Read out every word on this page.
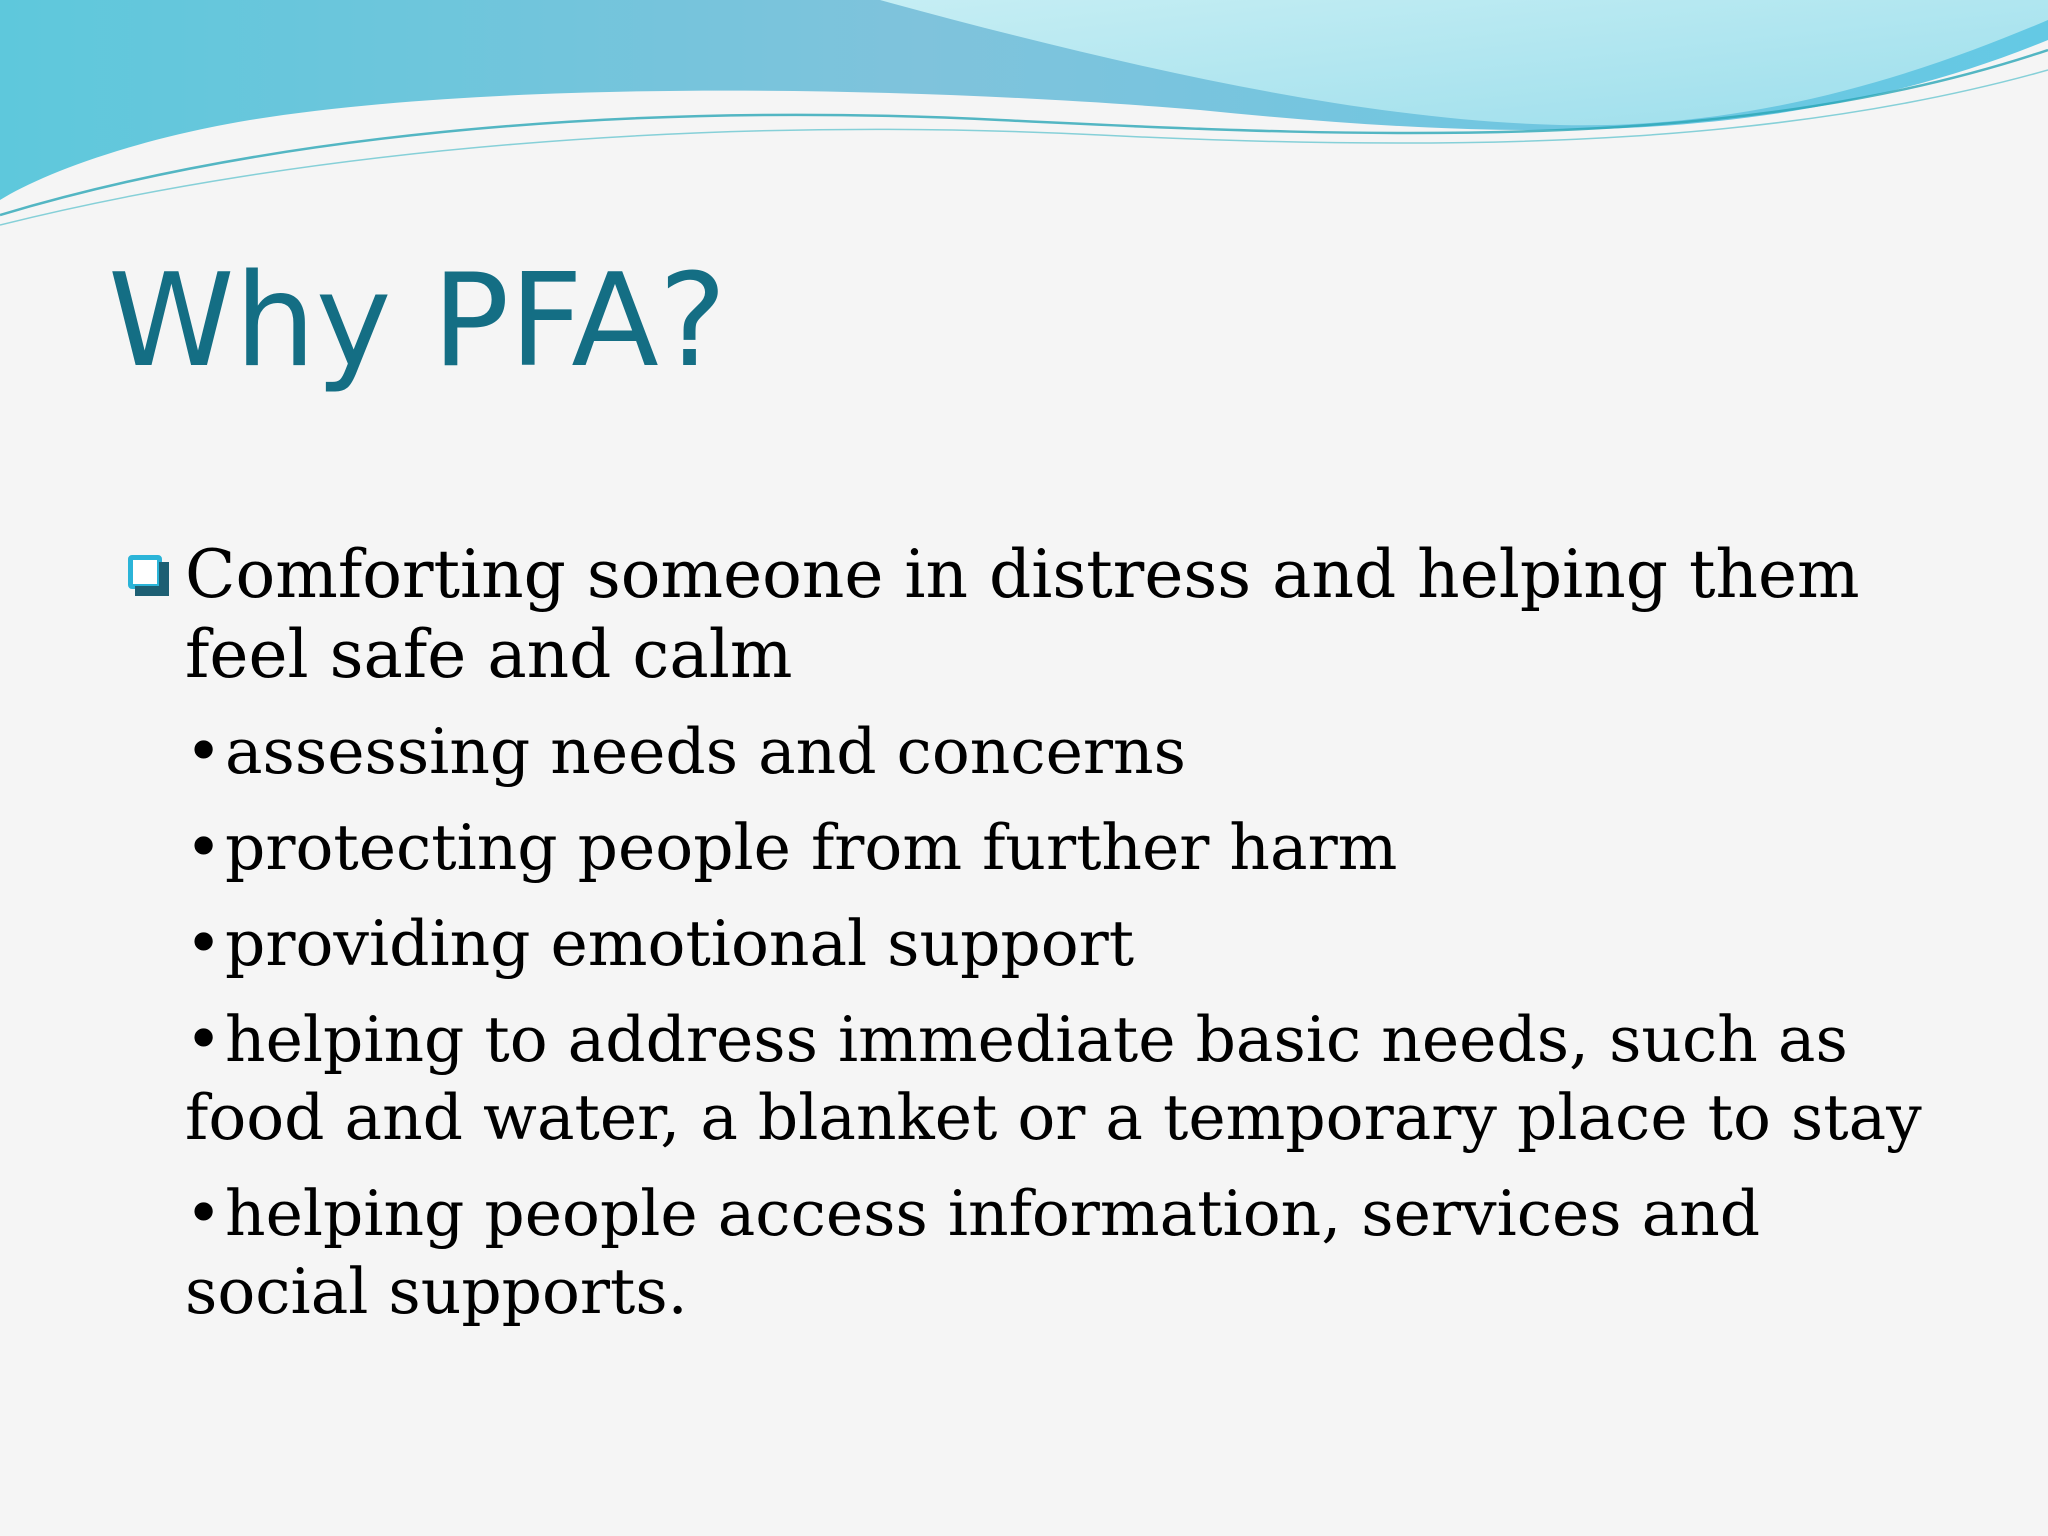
Why PFA?

Comforting someone in distress and helping them feel safe and calm

•assessing needs and concerns
•protecting people from further harm
•providing emotional support
•helping to address immediate basic needs, such as food and water, a blanket or a temporary place to stay
•helping people access information, services and social supports.
